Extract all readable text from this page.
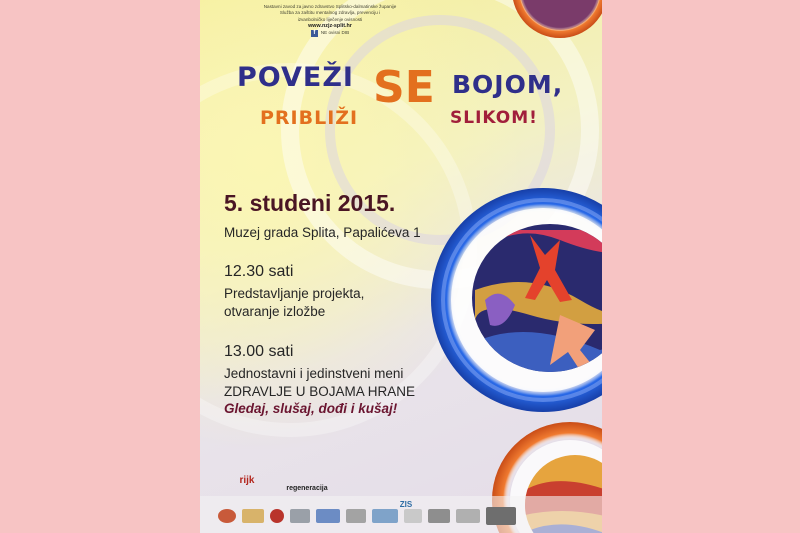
Nastavni zavod za javno zdravstvo Splitsko-dalmatinske županije
Služba za zaštitu mentalnog zdravlja, prevenciju i
izvanbolničko liječenje ovisnosti
www.nzjz-split.hr
f	NE ovisni DIB
POVEŽI SE BOJOM,
PRIBLIŽI	SLIKOM!
5. studeni 2015.
Muzej grada Splita, Papalićeva 1
12.30 sati
Predstavljanje projekta,
otvaranje izložbe
13.00 sati
Jednostavni i jedinstveni meni
ZDRAVLJE U BOJAMA HRANE
Gledaj, slušaj, dođi i kušaj!
rijk
regeneracija
ZIS
